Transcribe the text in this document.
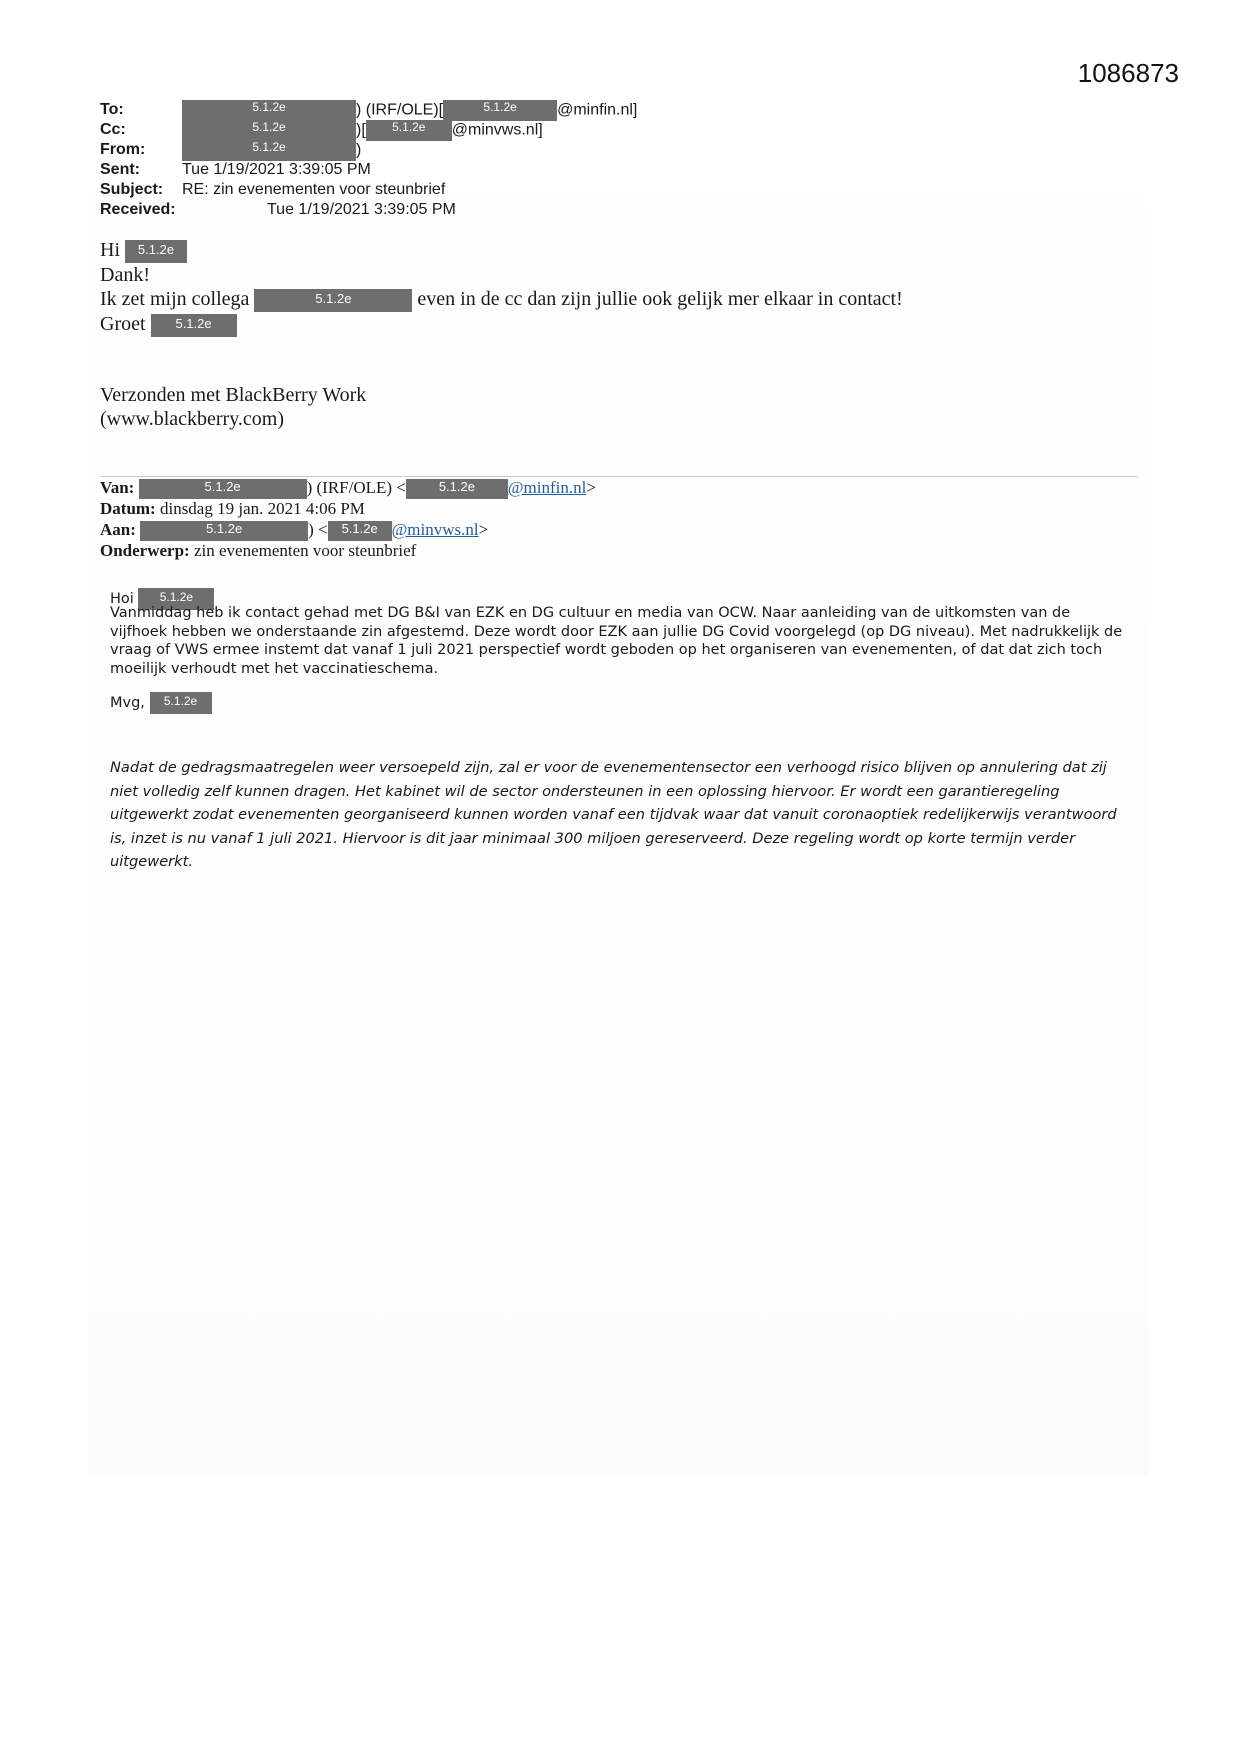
1086873
To:	5.1.2e	) (IRF/OLE)[	5.1.2e	@minfin.nl]
Cc:	5.1.2e	)[ 5.1.2e @minvws.nl]
From:	5.1.2e	)
Sent:	Tue 1/19/2021 3:39:05 PM
Subject: RE: zin evenementen voor steunbrief
Received:	Tue 1/19/2021 3:39:05 PM
Hi 5.1.2e
Dank!
Ik zet mijn collega	5.1.2e	even in de cc dan zijn jullie ook gelijk mer elkaar in contact!
Groet 5.1.2e
Verzonden met BlackBerry Work
(www.blackberry.com)
Van:	5.1.2e	) (IRF/OLE) <	5.1.2e @minfin.nl>
Datum: dinsdag 19 jan. 2021 4:06 PM
Aan:	5.1.2e	) < 5.1.2e @minvws.nl>
Onderwerp: zin evenementen voor steunbrief
Hoi 5.1.2e

Vanmiddag heb ik contact gehad met DG B&I van EZK en DG cultuur en media van OCW. Naar aanleiding van de uitkomsten van de vijfhoek hebben we onderstaande zin afgestemd. Deze wordt door EZK aan jullie DG Covid voorgelegd (op DG niveau). Met nadrukkelijk de vraag of VWS ermee instemt dat vanaf 1 juli 2021 perspectief wordt geboden op het organiseren van evenementen, of dat dat zich toch moeilijk verhoudt met het vaccinatieschema.

Mvg, 5.1.2e
Nadat de gedragsmaatregelen weer versoepeld zijn, zal er voor de evenementensector een verhoogd risico blijven op annulering dat zij niet volledig zelf kunnen dragen. Het kabinet wil de sector ondersteunen in een oplossing hiervoor. Er wordt een garantieregeling uitgewerkt zodat evenementen georganiseerd kunnen worden vanaf een tijdvak waar dat vanuit coronaoptiek redelijkerwijs verantwoord is, inzet is nu vanaf 1 juli 2021. Hiervoor is dit jaar minimaal 300 miljoen gereserveerd. Deze regeling wordt op korte termijn verder uitgewerkt.
